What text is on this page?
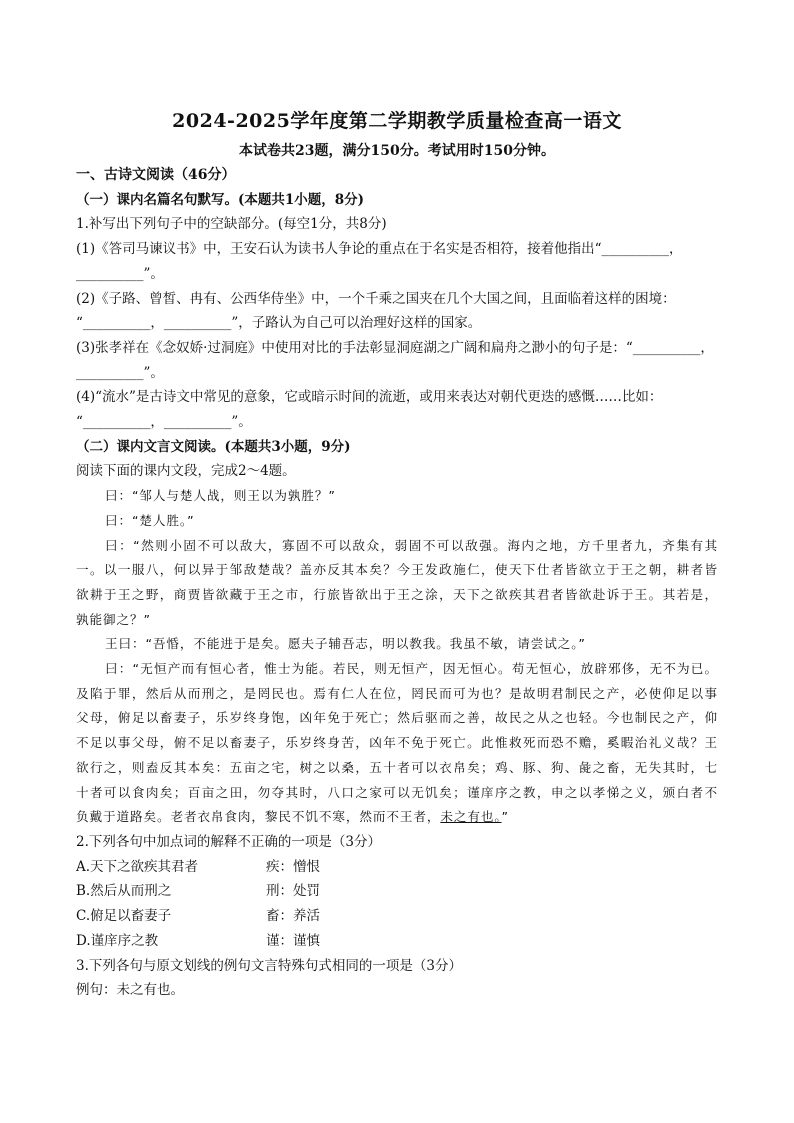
2024-2025学年度第二学期教学质量检查高一语文
本试卷共23题，满分150分。考试用时150分钟。
一、古诗文阅读（46分）
（一）课内名篇名句默写。(本题共1小题，8分)
1.补写出下列句子中的空缺部分。(每空1分，共8分)
(1)《答司马谏议书》中，王安石认为读书人争论的重点在于名实是否相符，接着他指出“__________，
__________”。
(2)《子路、曾皙、冉有、公西华侍坐》中，一个千乘之国夹在几个大国之间，且面临着这样的困境：
“__________，__________”，子路认为自己可以治理好这样的国家。
(3)张孝祥在《念奴娇·过洞庭》中使用对比的手法彰显洞庭湖之广阔和扁舟之渺小的句子是：“__________，
__________”。
(4)“流水”是古诗文中常见的意象，它或暗示时间的流逝，或用来表达对朝代更迭的感慨……比如：
“__________，__________”。
（二）课内文言文阅读。(本题共3小题，9分)
阅读下面的课内文段，完成2～4题。
曰：“邹人与楚人战，则王以为孰胜？”
曰：“楚人胜。”
曰：“然则小固不可以敌大，寡固不可以敌众，弱固不可以敌强。海内之地，方千里者九，齐集有其
一。以一服八，何以异于邹敌楚哉？盖亦反其本矣？今王发政施仁，使天下仕者皆欲立于王之朝，耕者皆
欲耕于王之野，商贾皆欲藏于王之市，行旅皆欲出于王之涂，天下之欲疾其君者皆欲赴诉于王。其若是，
孰能御之？”
王曰：“吾惛，不能进于是矣。愿夫子辅吾志，明以教我。我虽不敏，请尝试之。”
曰：“无恒产而有恒心者，惟士为能。若民，则无恒产，因无恒心。苟无恒心，放辟邪侈，无不为已。
及陷于罪，然后从而刑之，是罔民也。焉有仁人在位，罔民而可为也？是故明君制民之产，必使仰足以事
父母，俯足以畜妻子，乐岁终身饱，凶年免于死亡；然后驱而之善，故民之从之也轻。今也制民之产，仰
不足以事父母，俯不足以畜妻子，乐岁终身苦，凶年不免于死亡。此惟救死而恐不赡，奚暇治礼义哉？王
欲行之，则盍反其本矣：五亩之宅，树之以桑，五十者可以衣帛矣；鸡、豚、狗、彘之畜，无失其时，七
十者可以食肉矣；百亩之田，勿夺其时，八口之家可以无饥矣；谨庠序之教，申之以孝悌之义，颁白者不
负戴于道路矣。老者衣帛食肉，黎民不饥不寒，然而不王者，未之有也。”
2.下列各句中加点词的解释不正确的一项是（3分）
A.天下之欲疾其君者	疾：憎恨
B.然后从而刑之	刑：处罚
C.俯足以畜妻子	畜：养活
D.谨庠序之教	谨：谨慎
3.下列各句与原文划线的例句文言特殊句式相同的一项是（3分）
例句：未之有也。
